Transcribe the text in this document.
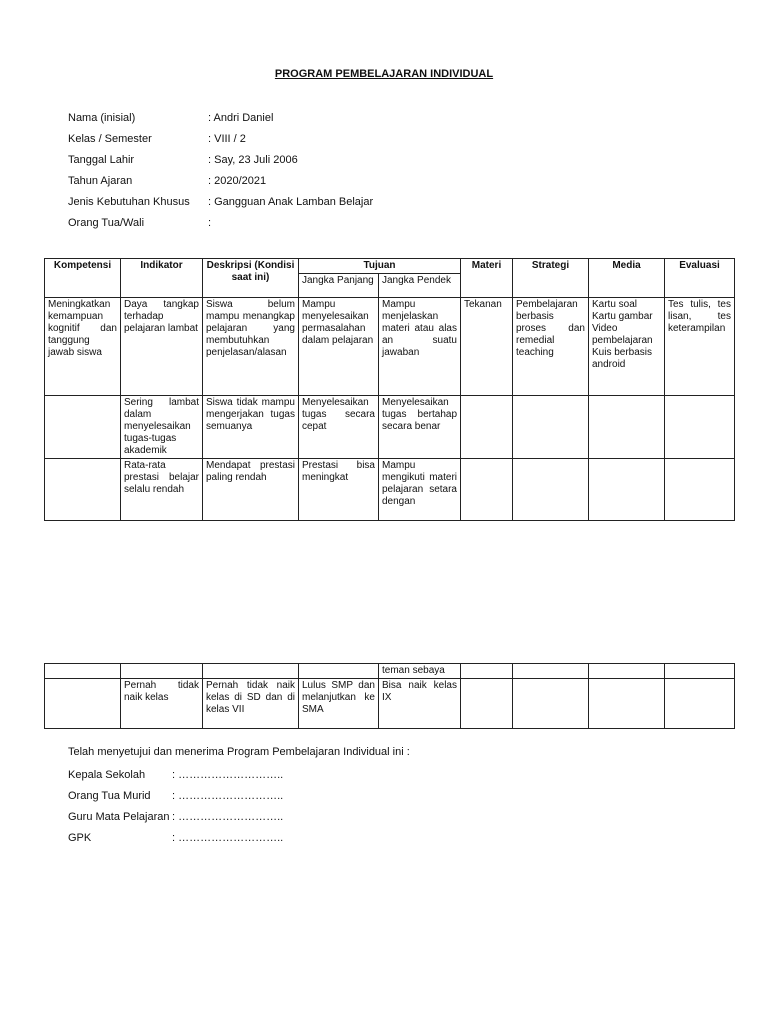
PROGRAM PEMBELAJARAN INDIVIDUAL
Nama (inisial)	: Andri Daniel
Kelas / Semester	: VIII / 2
Tanggal Lahir	: Say, 23 Juli 2006
Tahun Ajaran	: 2020/2021
Jenis Kebutuhan Khusus	: Gangguan Anak Lamban Belajar
Orang Tua/Wali	:
Kompetensi	Indikator	Deskripsi (Kondisi saat ini)	Tujuan		Materi	Strategi	Media	Evaluasi
			Jangka Panjang	Jangka Pendek				
Meningkatkan kemampuan kognitif dan tanggung jawab siswa	Daya tangkap terhadap pelajaran lambat	Siswa belum mampu menangkap pelajaran yang membutuhkan penjelasan/alasan	Mampu menyelesaikan permasalahan dalam pelajaran	Mampu menjelaskan materi atau alas an suatu jawaban	Tekanan	Pembelajaran berbasis proses dan remedial teaching	Kartu soal Kartu gambar Video pembelajaran Kuis berbasis android	Tes tulis, tes lisan, tes keterampilan
	Sering lambat dalam menyelesaikan tugas-tugas akademik	Siswa tidak mampu mengerjakan tugas semuanya	Menyelesaikan tugas secara cepat	Menyelesaikan tugas bertahap secara benar				
	Rata-rata prestasi belajar selalu rendah	Mendapat prestasi paling rendah	Prestasi bisa meningkat	Mampu mengikuti materi pelajaran setara dengan				
				teman sebaya				
	Pernah tidak naik kelas	Pernah tidak naik kelas di SD dan di kelas VII	Lulus SMP dan melanjutkan ke SMA	Bisa naik kelas IX				
Telah menyetujui dan menerima Program Pembelajaran Individual ini :
Kepala Sekolah : ………………………..
Orang Tua Murid : ………………………..
Guru Mata Pelajaran : ………………………..
GPK	: ………………………..
